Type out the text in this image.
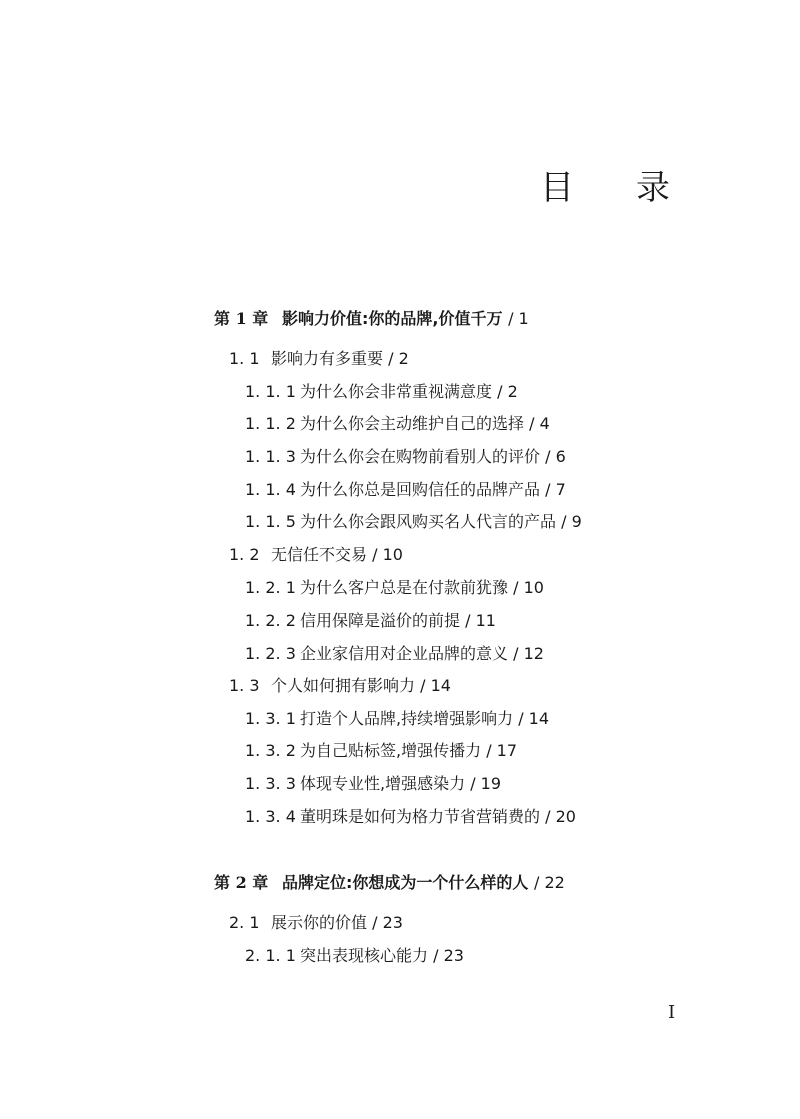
目 录
第 1 章 影响力价值:你的品牌,价值千万 / 1
1. 1 影响力有多重要 / 2
1. 1. 1 为什么你会非常重视满意度 / 2
1. 1. 2 为什么你会主动维护自己的选择 / 4
1. 1. 3 为什么你会在购物前看别人的评价 / 6
1. 1. 4 为什么你总是回购信任的品牌产品 / 7
1. 1. 5 为什么你会跟风购买名人代言的产品 / 9
1. 2 无信任不交易 / 10
1. 2. 1 为什么客户总是在付款前犹豫 / 10
1. 2. 2 信用保障是溢价的前提 / 11
1. 2. 3 企业家信用对企业品牌的意义 / 12
1. 3 个人如何拥有影响力 / 14
1. 3. 1 打造个人品牌,持续增强影响力 / 14
1. 3. 2 为自己贴标签,增强传播力 / 17
1. 3. 3 体现专业性,增强感染力 / 19
1. 3. 4 董明珠是如何为格力节省营销费的 / 20
第 2 章 品牌定位:你想成为一个什么样的人 / 22
2. 1 展示你的价值 / 23
2. 1. 1 突出表现核心能力 / 23
I
